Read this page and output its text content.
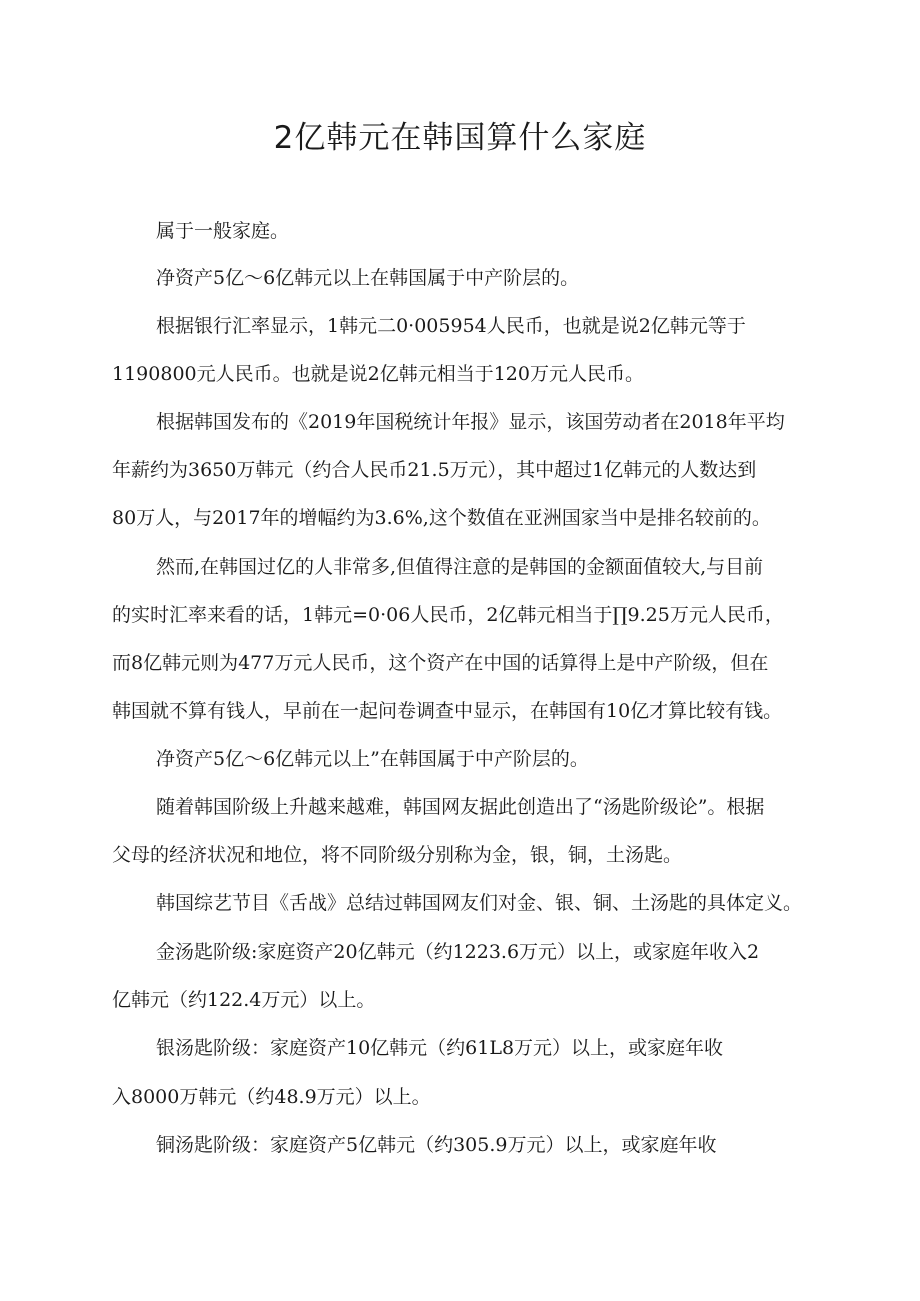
2亿韩元在韩国算什么家庭

属于一般家庭。

净资产5亿～6亿韩元以上在韩国属于中产阶层的。

根据银行汇率显示，1韩元二0·005954人民币，也就是说2亿韩元等于

1190800元人民币。也就是说2亿韩元相当于120万元人民币。

根据韩国发布的《2019年国税统计年报》显示，该国劳动者在2018年平均

年薪约为3650万韩元（约合人民币21.5万元），其中超过1亿韩元的人数达到

80万人，与2017年的增幅约为3.6%,这个数值在亚洲国家当中是排名较前的。

然而,在韩国过亿的人非常多,但值得注意的是韩国的金额面值较大,与目前

的实时汇率来看的话，1韩元=0·06人民币，2亿韩元相当于∏9.25万元人民币，

而8亿韩元则为477万元人民币，这个资产在中国的话算得上是中产阶级，但在

韩国就不算有钱人，早前在一起问卷调查中显示，在韩国有10亿才算比较有钱。

净资产5亿～6亿韩元以上”在韩国属于中产阶层的。

随着韩国阶级上升越来越难，韩国网友据此创造出了“汤匙阶级论”。根据

父母的经济状况和地位，将不同阶级分别称为金，银，铜，土汤匙。

韩国综艺节目《舌战》总结过韩国网友们对金、银、铜、土汤匙的具体定义。

金汤匙阶级:家庭资产20亿韩元（约1223.6万元）以上，或家庭年收入2

亿韩元（约122.4万元）以上。

银汤匙阶级：家庭资产10亿韩元（约61L8万元）以上，或家庭年收

入8000万韩元（约48.9万元）以上。

铜汤匙阶级：家庭资产5亿韩元（约305.9万元）以上，或家庭年收
